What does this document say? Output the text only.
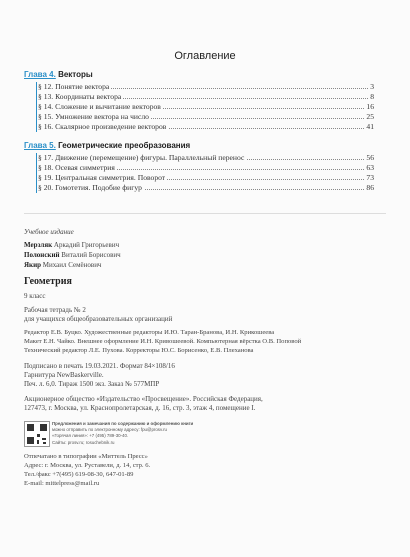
Оглавление
Глава 4. Векторы
§ 12. Понятие вектора	3
§ 13. Координаты вектора	8
§ 14. Сложение и вычитание векторов	16
§ 15. Умножение вектора на число	25
§ 16. Скалярное произведение векторов	41
Глава 5. Геометрические преобразования
§ 17. Движение (перемещение) фигуры. Параллельный перенос	56
§ 18. Осевая симметрия	63
§ 19. Центральная симметрия. Поворот	73
§ 20. Гомотетия. Подобие фигур	86
Учебное издание
Мерзляк Аркадий Григорьевич
Полонский Виталий Борисович
Якир Михаил Семёнович
Геометрия
9 класс
Рабочая тетрадь № 2
для учащихся общеобразовательных организаций
Редактор Е.В. Буцко. Художественные редакторы И.Ю. Таран-Бранова, И.Н. Крикошеева
Макет Е.Н. Чайко. Внешнее оформление И.Н. Кривошеевой. Компьютерная вёрстка О.В. Поповой
Технический редактор Л.Е. Пухова. Корректоры Ю.С. Борисенко, Е.В. Плеханова
Подписано в печать 19.03.2021. Формат 84×108/16
Гарнитура NewBaskerville.
Печ. л. 6,0. Тираж 1500 экз. Заказ № 577МПР
Акционерное общество «Издательство «Просвещение». Российская Федерация,
127473, г. Москва, ул. Краснопролетарская, д. 16, стр. 3, этаж 4, помещение I.
Предложения и замечания по содержанию и оформлению книги
можно отправить по электронному адресу: fpu@prosv.ru
«Горячая линия»: +7 (495) 789-30-40.
Сайты: prosv.ru; rosuchebnik.ru
Отпечатано в типографии «Миттель Пресс»
Адрес: г. Москва, ул. Руставели, д. 14, стр. 6.
Тел./факс +7(495) 619-08-30, 647-01-89
E-mail: mittelpress@mail.ru
